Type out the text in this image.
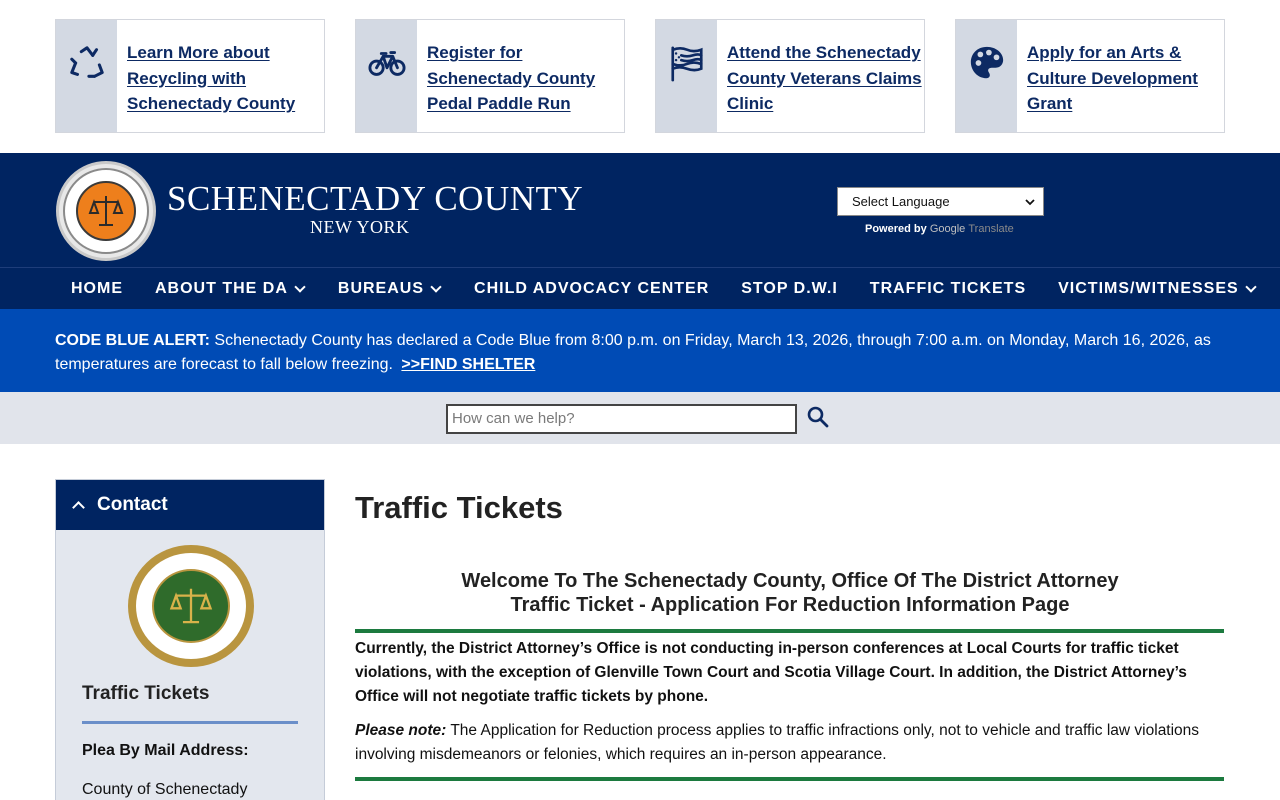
Learn More about Recycling with Schenectady County
Register for Schenectady County Pedal Paddle Run
Attend the Schenectady County Veterans Claims Clinic
Apply for an Arts & Culture Development Grant
SCHENECTADY COUNTY
NEW YORK
Select Language
Powered by Google Translate
HOME ABOUT THE DA	BUREAUS	CHILD ADVOCACY CENTER STOP D.W.I TRAFFIC TICKETS VICTIMS/WITNESSES
CODE BLUE ALERT: Schenectady County has declared a Code Blue from 8:00 p.m. on Friday, March 13, 2026, through 7:00 a.m. on Monday, March 16, 2026, as temperatures are forecast to fall below freezing. >>FIND SHELTER
How can we help?
Contact
Traffic Tickets
Plea By Mail Address:
County of Schenectady
Traffic Tickets
Welcome To The Schenectady County, Office Of The District Attorney
Traffic Ticket - Application For Reduction Information Page

Currently, the District Attorney’s Office is not conducting in-person conferences at Local Courts for traffic ticket violations, with the exception of Glenville Town Court and Scotia Village Court. In addition, the District Attorney’s Office will not negotiate traffic tickets by phone.

Please note: The Application for Reduction process applies to traffic infractions only, not to vehicle and traffic law violations involving misdemeanors or felonies, which requires an in-person appearance.
